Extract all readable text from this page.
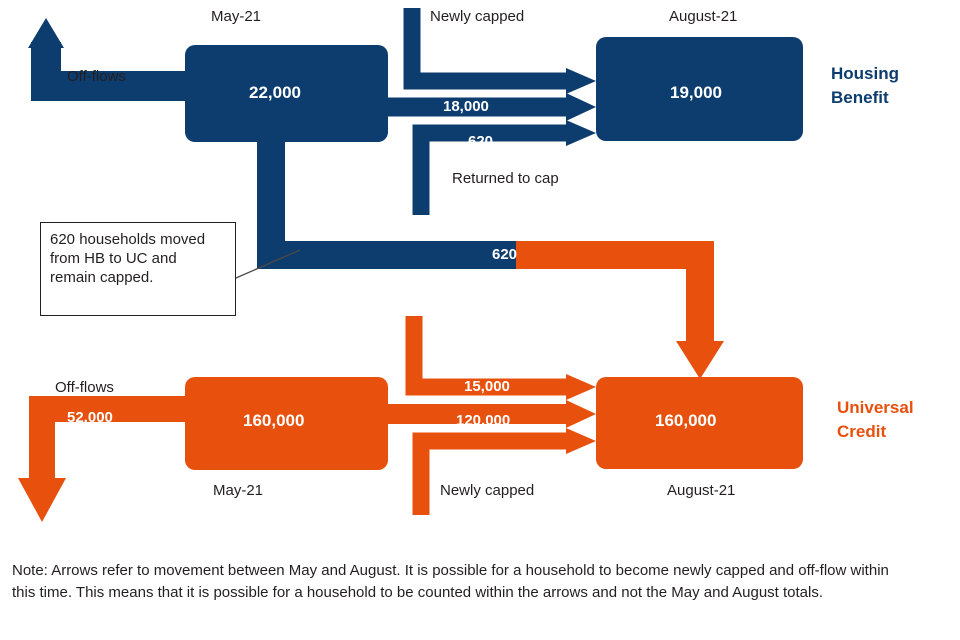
May-21	August-21
Off-flows
4,000
22,000	19,000
Newly capped
530
18,000
620
Returned to cap
Housing
Benefit
620
620 households moved from HB to UC and remain capped.
Off-flows
52,000	160,000	160,000
15,000
120,000
28,000
May-21	Newly capped	August-21
Universal
Credit
Note: Arrows refer to movement between May and August. It is possible for a household to become newly capped and off-flow within this time. This means that it is possible for a household to be counted within the arrows and not the May and August totals.
